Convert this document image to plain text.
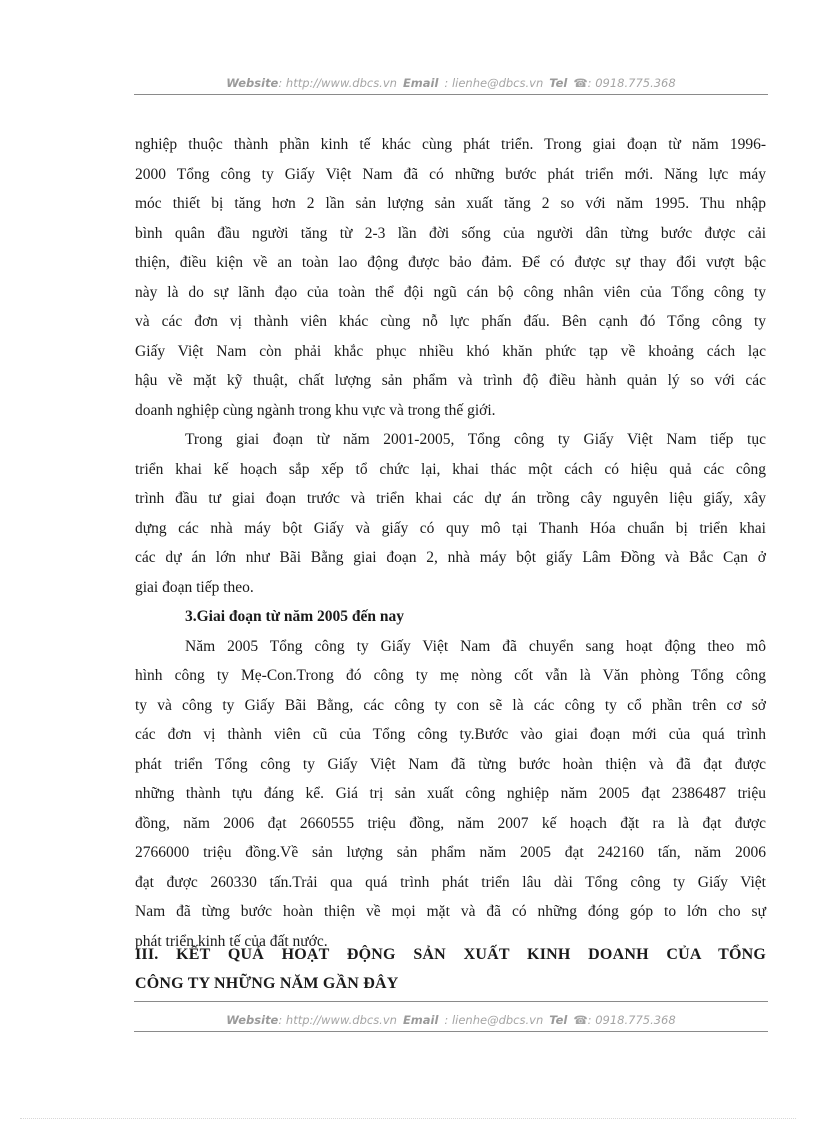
Website: http://www.dbcs.vn Email : lienhe@dbcs.vn Tel ☎: 0918.775.368
nghiệp thuộc thành phần kinh tế khác cùng phát triển. Trong giai đoạn từ năm 1996-
2000 Tổng công ty Giấy Việt Nam đã có những bước phát triển mới. Năng lực máy
móc thiết bị tăng hơn 2 lần sản lượng sản xuất tăng 2 so với năm 1995. Thu nhập
bình quân đầu người tăng từ 2-3 lần đời sống của người dân từng bước được cải
thiện, điều kiện về an toàn lao động được bảo đảm. Để có được sự thay đổi vượt bậc
này là do sự lãnh đạo của toàn thể đội ngũ cán bộ công nhân viên của Tổng công ty
và các đơn vị thành viên khác cùng nỗ lực phấn đấu. Bên cạnh đó Tổng công ty
Giấy Việt Nam còn phải khắc phục nhiều khó khăn phức tạp về khoảng cách lạc
hậu về mặt kỹ thuật, chất lượng sản phẩm và trình độ điều hành quản lý so với các
doanh nghiệp cùng ngành trong khu vực và trong thế giới.
Trong giai đoạn từ năm 2001-2005, Tổng công ty Giấy Việt Nam tiếp tục
triển khai kế hoạch sắp xếp tổ chức lại, khai thác một cách có hiệu quả các công
trình đầu tư giai đoạn trước và triển khai các dự án trồng cây nguyên liệu giấy, xây
dựng các nhà máy bột Giấy và giấy có quy mô tại Thanh Hóa chuẩn bị triển khai
các dự án lớn như Bãi Bằng giai đoạn 2, nhà máy bột giấy Lâm Đồng và Bắc Cạn ở
giai đoạn tiếp theo.
3.Giai đoạn từ năm 2005 đến nay
Năm 2005 Tổng công ty Giấy Việt Nam đã chuyển sang hoạt động theo mô
hình công ty Mẹ-Con.Trong đó công ty mẹ nòng cốt vẫn là Văn phòng Tổng công
ty và công ty Giấy Bãi Bằng, các công ty con sẽ là các công ty cổ phần trên cơ sở
các đơn vị thành viên cũ của Tổng công ty.Bước vào giai đoạn mới của quá trình
phát triển Tổng công ty Giấy Việt Nam đã từng bước hoàn thiện và đã đạt được
những thành tựu đáng kể. Giá trị sản xuất công nghiệp năm 2005 đạt 2386487 triệu
đồng, năm 2006 đạt 2660555 triệu đồng, năm 2007 kế hoạch đặt ra là đạt được
2766000 triệu đồng.Về sản lượng sản phẩm năm 2005 đạt 242160 tấn, năm 2006
đạt được 260330 tấn.Trải qua quá trình phát triển lâu dài Tổng công ty Giấy Việt
Nam đã từng bước hoàn thiện về mọi mặt và đã có những đóng góp to lớn cho sự
phát triển kinh tế của đất nước.
III. KẾT QUẢ HOẠT ĐỘNG SẢN XUẤT KINH DOANH CỦA TỔNG
CÔNG TY NHỮNG NĂM GẦN ĐÂY
Website: http://www.dbcs.vn Email : lienhe@dbcs.vn Tel ☎: 0918.775.368
